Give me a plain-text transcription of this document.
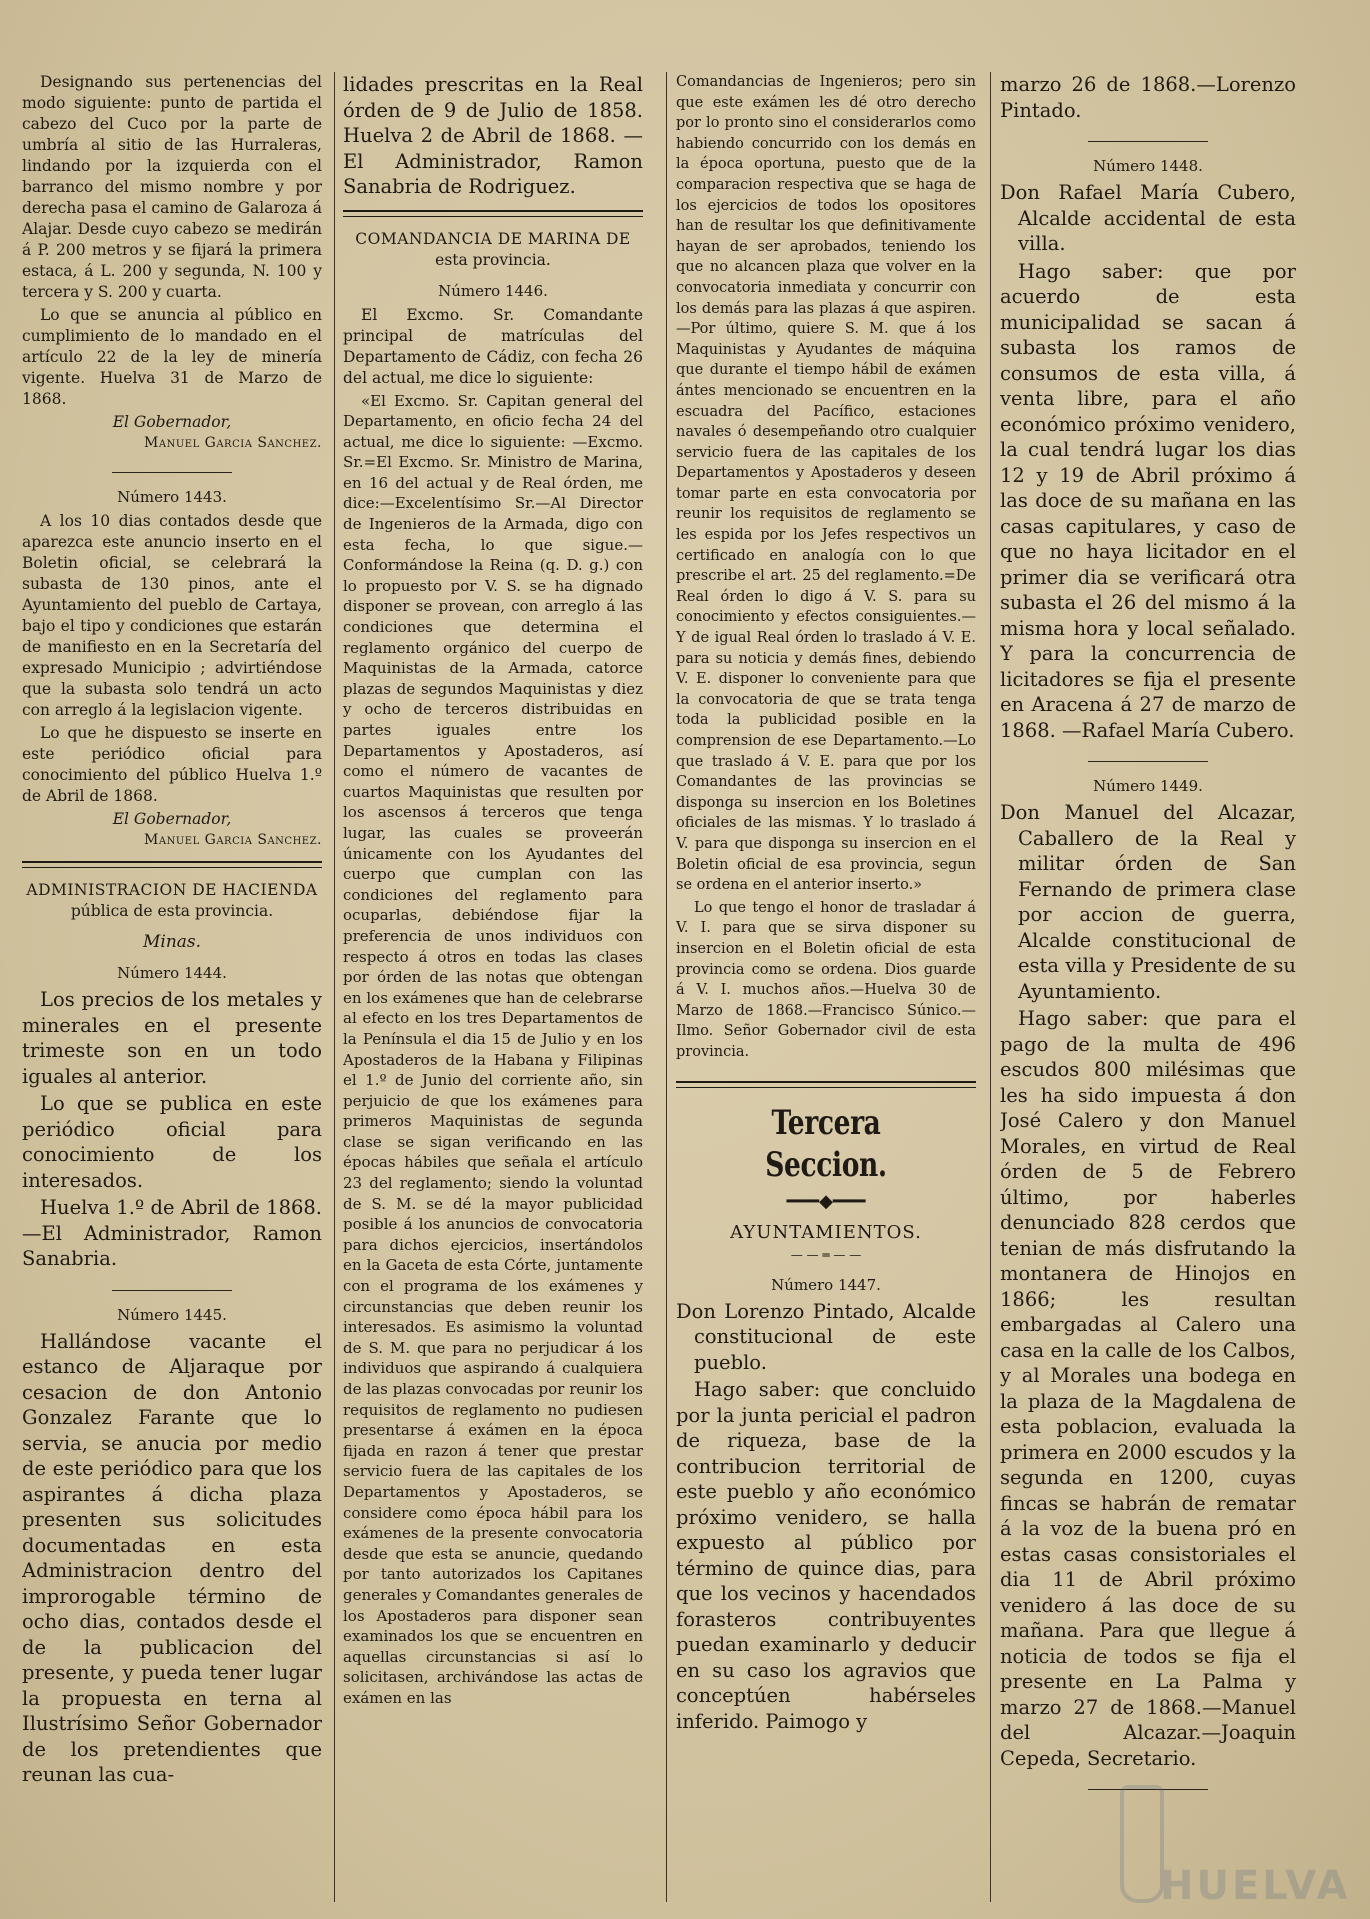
Designando sus pertenencias del modo siguiente: punto de partida el cabezo del Cuco por la parte de umbría al sitio de las Hurraleras, lindando por la izquierda con el barranco del mismo nombre y por derecha pasa el camino de Galaroza á Alajar. Desde cuyo cabezo se medirán á P. 200 metros y se fijará la primera estaca, á L. 200 y segunda, N. 100 y tercera y S. 200 y cuarta.

Lo que se anuncia al público en cumplimiento de lo mandado en el artículo 22 de la ley de minería vigente. Huelva 31 de Marzo de 1868.

El Gobernador,

Manuel Garcia Sanchez.

Número 1443.

A los 10 dias contados desde que aparezca este anuncio inserto en el Boletin oficial, se celebrará la subasta de 130 pinos, ante el Ayuntamiento del pueblo de Cartaya, bajo el tipo y condiciones que estarán de manifiesto en en la Secretaría del expresado Municipio ; advirtiéndose que la subasta solo tendrá un acto con arreglo á la legislacion vigente.

Lo que he dispuesto se inserte en este periódico oficial para conocimiento del público Huelva 1.º de Abril de 1868.

El Gobernador,

Manuel Garcia Sanchez.

ADMINISTRACION DE HACIENDA

pública de esta provincia.

Minas.

Número 1444.

Los precios de los metales y minerales en el presente trimeste son en un todo iguales al anterior.

Lo que se publica en este periódico oficial para conocimiento de los interesados.

Huelva 1.º de Abril de 1868.—El Administrador, Ramon Sanabria.

Número 1445.

Hallándose vacante el estanco de Aljaraque por cesacion de don Antonio Gonzalez Farante que lo servia, se anucia por medio de este periódico para que los aspirantes á dicha plaza presenten sus solicitudes documentadas en esta Administracion dentro del improrogable término de ocho dias, contados desde el de la publicacion del presente, y pueda tener lugar la propuesta en terna al Ilustrísimo Señor Gobernador de los pretendientes que reunan las cua-

lidades prescritas en la Real órden de 9 de Julio de 1858. Huelva 2 de Abril de 1868. —El Administrador, Ramon Sanabria de Rodriguez.

COMANDANCIA DE MARINA DE

esta provincia.

Número 1446.

El Excmo. Sr. Comandante principal de matrículas del Departamento de Cádiz, con fecha 26 del actual, me dice lo siguiente:

«El Excmo. Sr. Capitan general del Departamento, en oficio fecha 24 del actual, me dice lo siguiente: —Excmo. Sr.=El Excmo. Sr. Ministro de Marina, en 16 del actual y de Real órden, me dice:—Excelentísimo Sr.—Al Director de Ingenieros de la Armada, digo con esta fecha, lo que sigue.—Conformándose la Reina (q. D. g.) con lo propuesto por V. S. se ha dignado disponer se provean, con arreglo á las condiciones que determina el reglamento orgánico del cuerpo de Maquinistas de la Armada, catorce plazas de segundos Maquinistas y diez y ocho de terceros distribuidas en partes iguales entre los Departamentos y Apostaderos, así como el número de vacantes de cuartos Maquinistas que resulten por los ascensos á terceros que tenga lugar, las cuales se proveerán únicamente con los Ayudantes del cuerpo que cumplan con las condiciones del reglamento para ocuparlas, debiéndose fijar la preferencia de unos individuos con respecto á otros en todas las clases por órden de las notas que obtengan en los exámenes que han de celebrarse al efecto en los tres Departamentos de la Península el dia 15 de Julio y en los Apostaderos de la Habana y Filipinas el 1.º de Junio del corriente año, sin perjuicio de que los exámenes para primeros Maquinistas de segunda clase se sigan verificando en las épocas hábiles que señala el artículo 23 del reglamento; siendo la voluntad de S. M. se dé la mayor publicidad posible á los anuncios de convocatoria para dichos ejercicios, insertándolos en la Gaceta de esta Córte, juntamente con el programa de los exámenes y circunstancias que deben reunir los interesados. Es asimismo la voluntad de S. M. que para no perjudicar á los individuos que aspirando á cualquiera de las plazas convocadas por reunir los requisitos de reglamento no pudiesen presentarse á exámen en la época fijada en razon á tener que prestar servicio fuera de las capitales de los Departamentos y Apostaderos, se considere como época hábil para los exámenes de la presente convocatoria desde que esta se anuncie, quedando por tanto autorizados los Capitanes generales y Comandantes generales de los Apostaderos para disponer sean examinados los que se encuentren en aquellas circunstancias si así lo solicitasen, archivándose las actas de exámen en las

Comandancias de Ingenieros; pero sin que este exámen les dé otro derecho por lo pronto sino el considerarlos como habiendo concurrido con los demás en la época oportuna, puesto que de la comparacion respectiva que se haga de los ejercicios de todos los opositores han de resultar los que definitivamente hayan de ser aprobados, teniendo los que no alcancen plaza que volver en la convocatoria inmediata y concurrir con los demás para las plazas á que aspiren.—Por último, quiere S. M. que á los Maquinistas y Ayudantes de máquina que durante el tiempo hábil de exámen ántes mencionado se encuentren en la escuadra del Pacífico, estaciones navales ó desempeñando otro cualquier servicio fuera de las capitales de los Departamentos y Apostaderos y deseen tomar parte en esta convocatoria por reunir los requisitos de reglamento se les espida por los Jefes respectivos un certificado en analogía con lo que prescribe el art. 25 del reglamento.=De Real órden lo digo á V. S. para su conocimiento y efectos consiguientes.—Y de igual Real órden lo traslado á V. E. para su noticia y demás fines, debiendo V. E. disponer lo conveniente para que la convocatoria de que se trata tenga toda la publicidad posible en la comprension de ese Departamento.—Lo que traslado á V. E. para que por los Comandantes de las provincias se disponga su insercion en los Boletines oficiales de las mismas. Y lo traslado á V. para que disponga su insercion en el Boletin oficial de esa provincia, segun se ordena en el anterior inserto.»

Lo que tengo el honor de trasladar á V. I. para que se sirva disponer su insercion en el Boletin oficial de esta provincia como se ordena. Dios guarde á V. I. muchos años.—Huelva 30 de Marzo de 1868.—Francisco Súnico.—Ilmo. Señor Gobernador civil de esta provincia.

Tercera Seccion.

━━━◆━━━

AYUNTAMIENTOS.

— — ═ — —

Número 1447.

Don Lorenzo Pintado, Alcalde constitucional de este pueblo.

Hago saber: que concluido por la junta pericial el padron de riqueza, base de la contribucion territorial de este pueblo y año económico próximo venidero, se halla expuesto al público por término de quince dias, para que los vecinos y hacendados forasteros contribuyentes puedan examinarlo y deducir en su caso los agravios que conceptúen habérseles inferido. Paimogo y

marzo 26 de 1868.—Lorenzo Pintado.

Número 1448.

Don Rafael María Cubero, Alcalde accidental de esta villa.

Hago saber: que por acuerdo de esta municipalidad se sacan á subasta los ramos de consumos de esta villa, á venta libre, para el año económico próximo venidero, la cual tendrá lugar los dias 12 y 19 de Abril próximo á las doce de su mañana en las casas capitulares, y caso de que no haya licitador en el primer dia se verificará otra subasta el 26 del mismo á la misma hora y local señalado. Y para la concurrencia de licitadores se fija el presente en Aracena á 27 de marzo de 1868. —Rafael María Cubero.

Número 1449.

Don Manuel del Alcazar, Caballero de la Real y militar órden de San Fernando de primera clase por accion de guerra, Alcalde constitucional de esta villa y Presidente de su Ayuntamiento.

Hago saber: que para el pago de la multa de 496 escudos 800 milésimas que les ha sido impuesta á don José Calero y don Manuel Morales, en virtud de Real órden de 5 de Febrero último, por haberles denunciado 828 cerdos que tenian de más disfrutando la montanera de Hinojos en 1866; les resultan embargadas al Calero una casa en la calle de los Calbos, y al Morales una bodega en la plaza de la Magdalena de esta poblacion, evaluada la primera en 2000 escudos y la segunda en 1200, cuyas fincas se habrán de rematar á la voz de la buena pró en estas casas consistoriales el dia 11 de Abril próximo venidero á las doce de su mañana. Para que llegue á noticia de todos se fija el presente en La Palma y marzo 27 de 1868.—Manuel del Alcazar.—Joaquin Cepeda, Secretario.

HUELVA
